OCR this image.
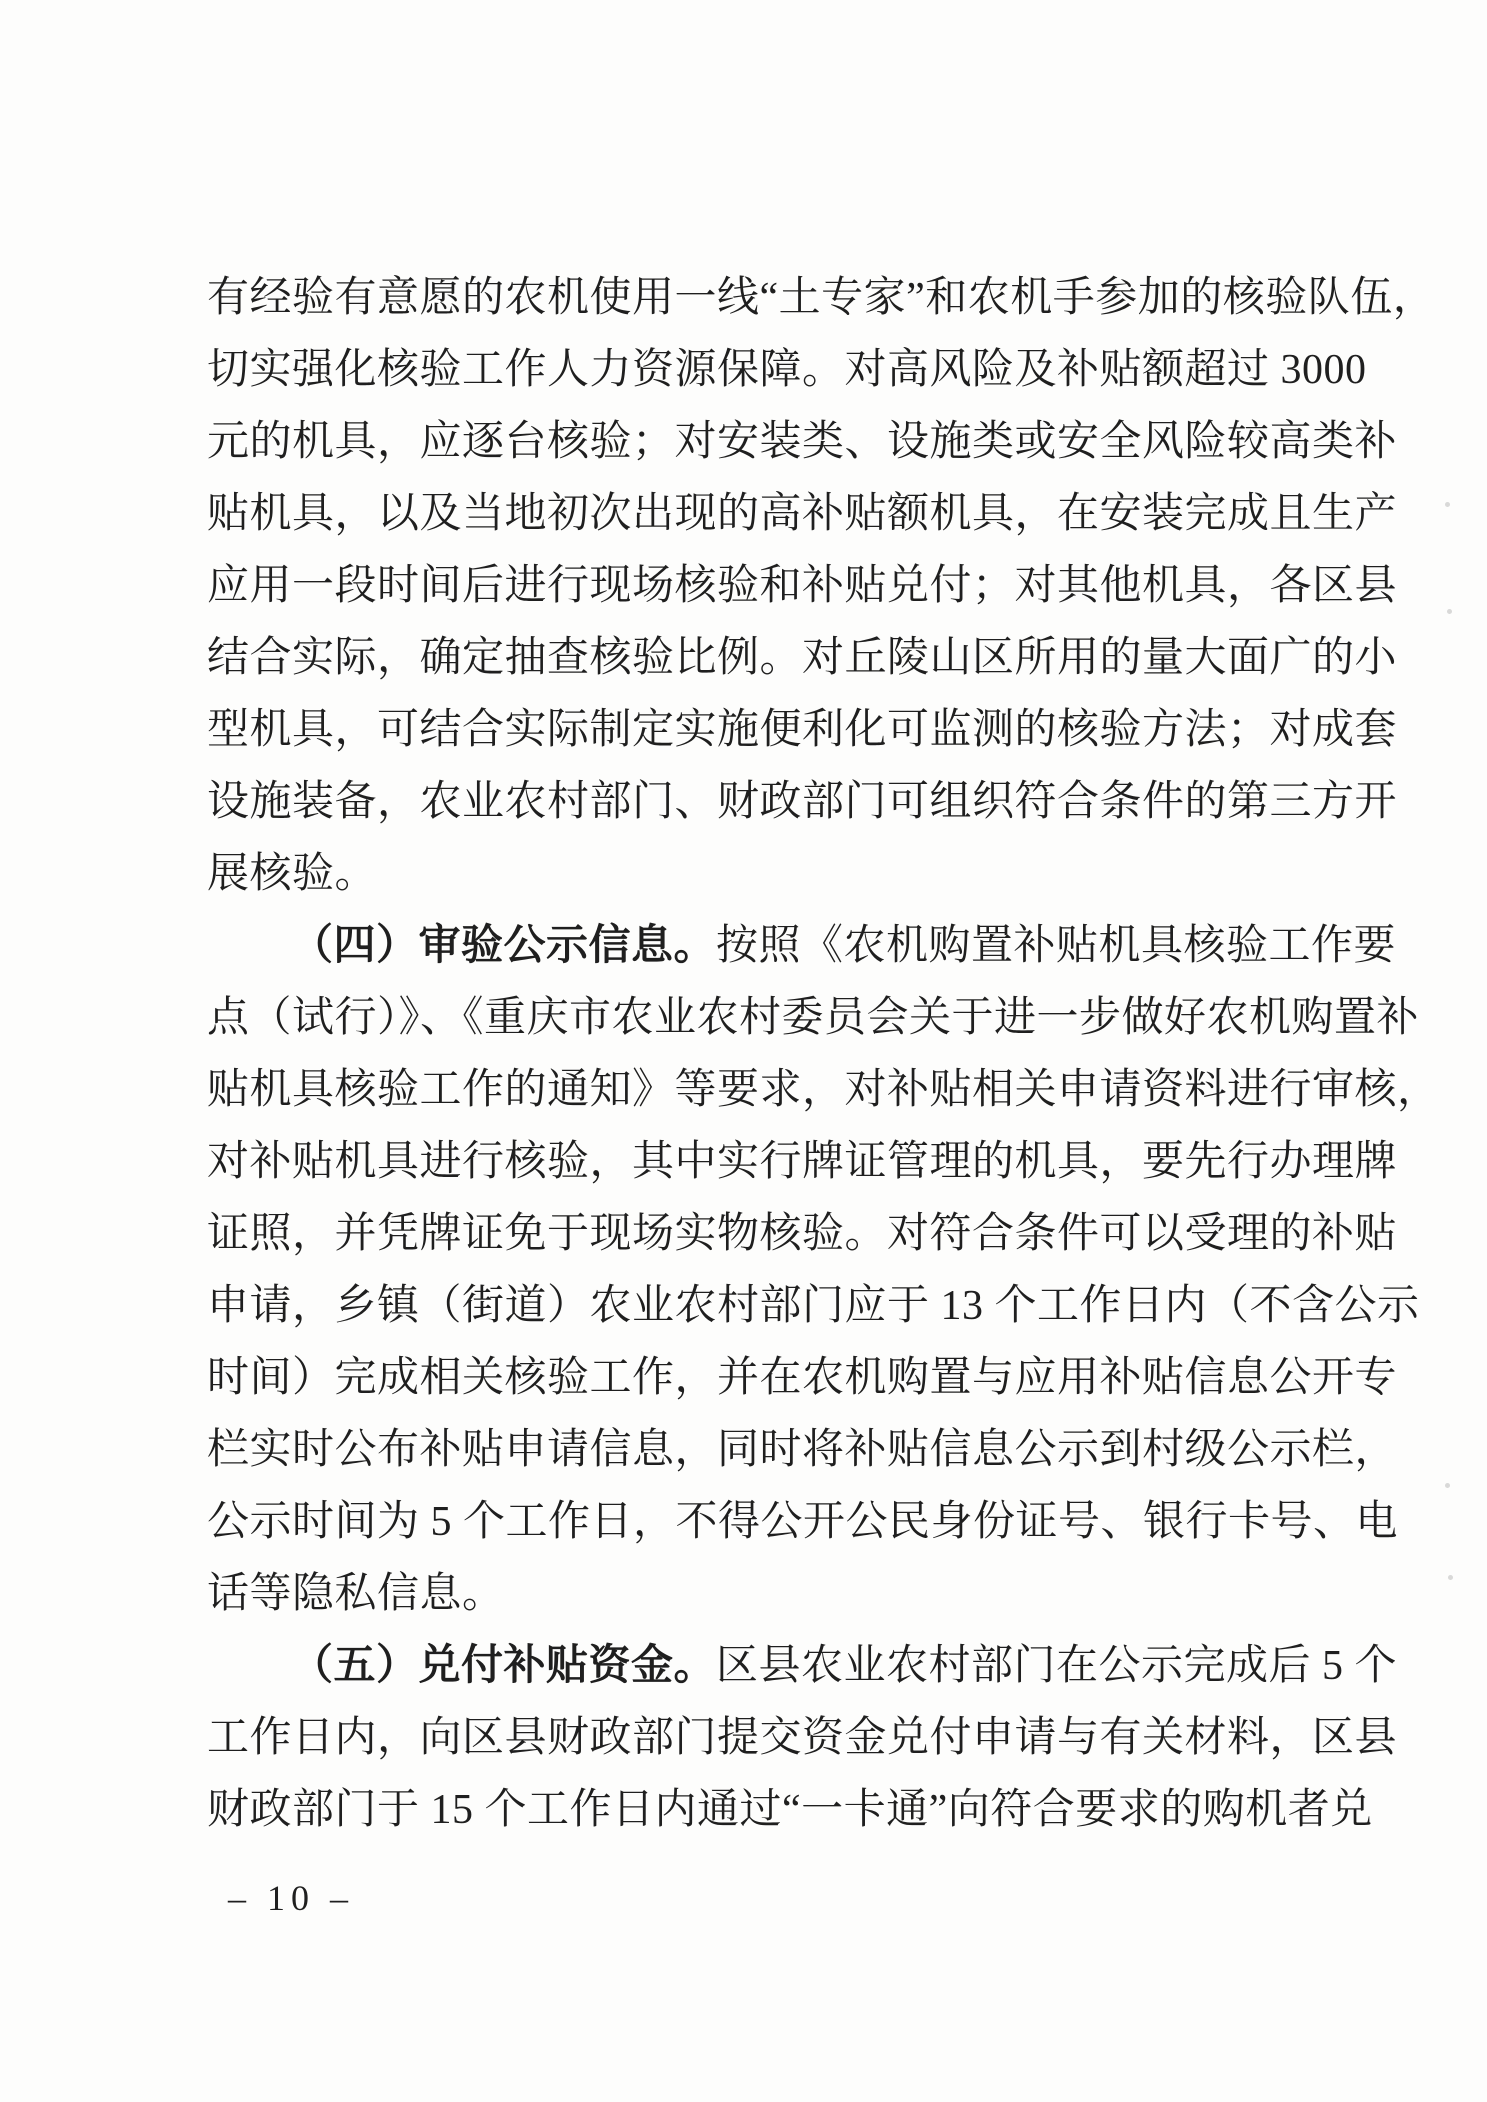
有经验有意愿的农机使用一线“土专家”和农机手参加的核验队伍，
切实强化核验工作人力资源保障。对高风险及补贴额超过 3000
元的机具，应逐台核验；对安装类、设施类或安全风险较高类补
贴机具，以及当地初次出现的高补贴额机具，在安装完成且生产
应用一段时间后进行现场核验和补贴兑付；对其他机具，各区县
结合实际，确定抽查核验比例。对丘陵山区所用的量大面广的小
型机具，可结合实际制定实施便利化可监测的核验方法；对成套
设施装备，农业农村部门、财政部门可组织符合条件的第三方开
展核验。
（四）审验公示信息。按照《农机购置补贴机具核验工作要
点（试行）》、《重庆市农业农村委员会关于进一步做好农机购置补
贴机具核验工作的通知》等要求，对补贴相关申请资料进行审核，
对补贴机具进行核验，其中实行牌证管理的机具，要先行办理牌
证照，并凭牌证免于现场实物核验。对符合条件可以受理的补贴
申请，乡镇（街道）农业农村部门应于 13 个工作日内（不含公示
时间）完成相关核验工作，并在农机购置与应用补贴信息公开专
栏实时公布补贴申请信息，同时将补贴信息公示到村级公示栏，
公示时间为 5 个工作日，不得公开公民身份证号、银行卡号、电
话等隐私信息。
（五）兑付补贴资金。区县农业农村部门在公示完成后 5 个
工作日内，向区县财政部门提交资金兑付申请与有关材料，区县
财政部门于 15 个工作日内通过“一卡通”向符合要求的购机者兑
– 10 –
